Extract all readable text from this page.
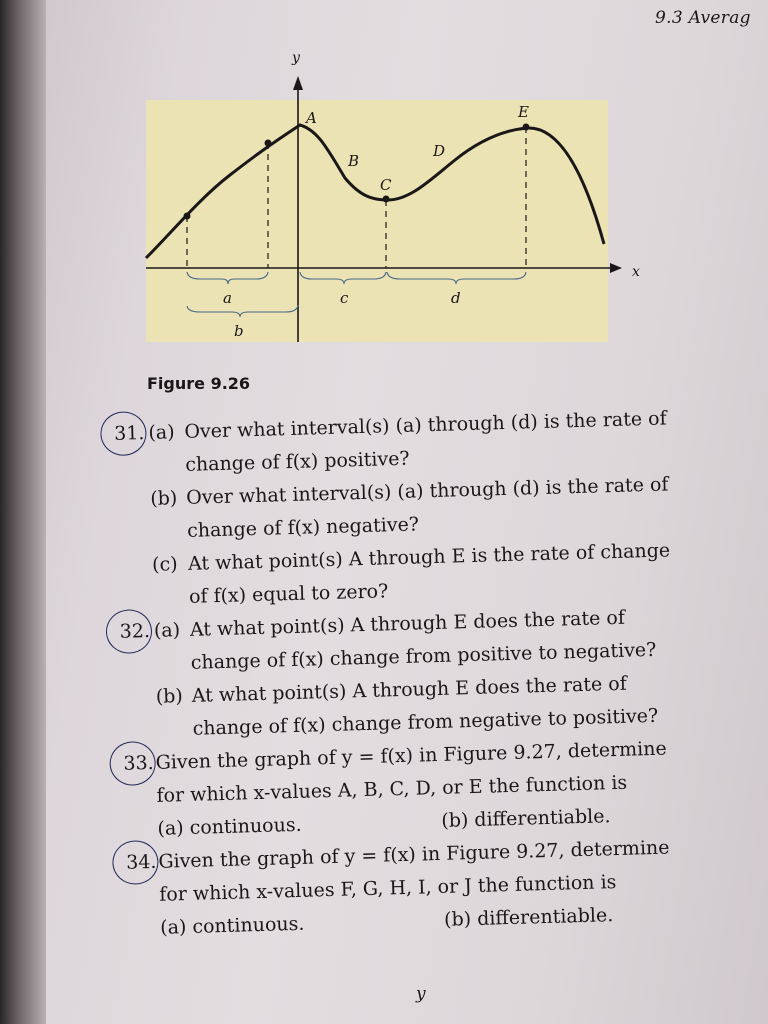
9.3 Averag
y
x
A
B
C
D
E
a
b
c	d
Figure 9.26
31. (a) Over what interval(s) (a) through (d) is the rate of
change of f(x) positive?
(b) Over what interval(s) (a) through (d) is the rate of
change of f(x) negative?
(c) At what point(s) A through E is the rate of change
of f(x) equal to zero?
32. (a) At what point(s) A through E does the rate of
change of f(x) change from positive to negative?
(b) At what point(s) A through E does the rate of
change of f(x) change from negative to positive?
33. Given the graph of y = f(x) in Figure 9.27, determine
for which x-values A, B, C, D, or E the function is
(a) continuous.	(b) differentiable.
34. Given the graph of y = f(x) in Figure 9.27, determine
for which x-values F, G, H, I, or J the function is
(a) continuous.	(b) differentiable.
y
